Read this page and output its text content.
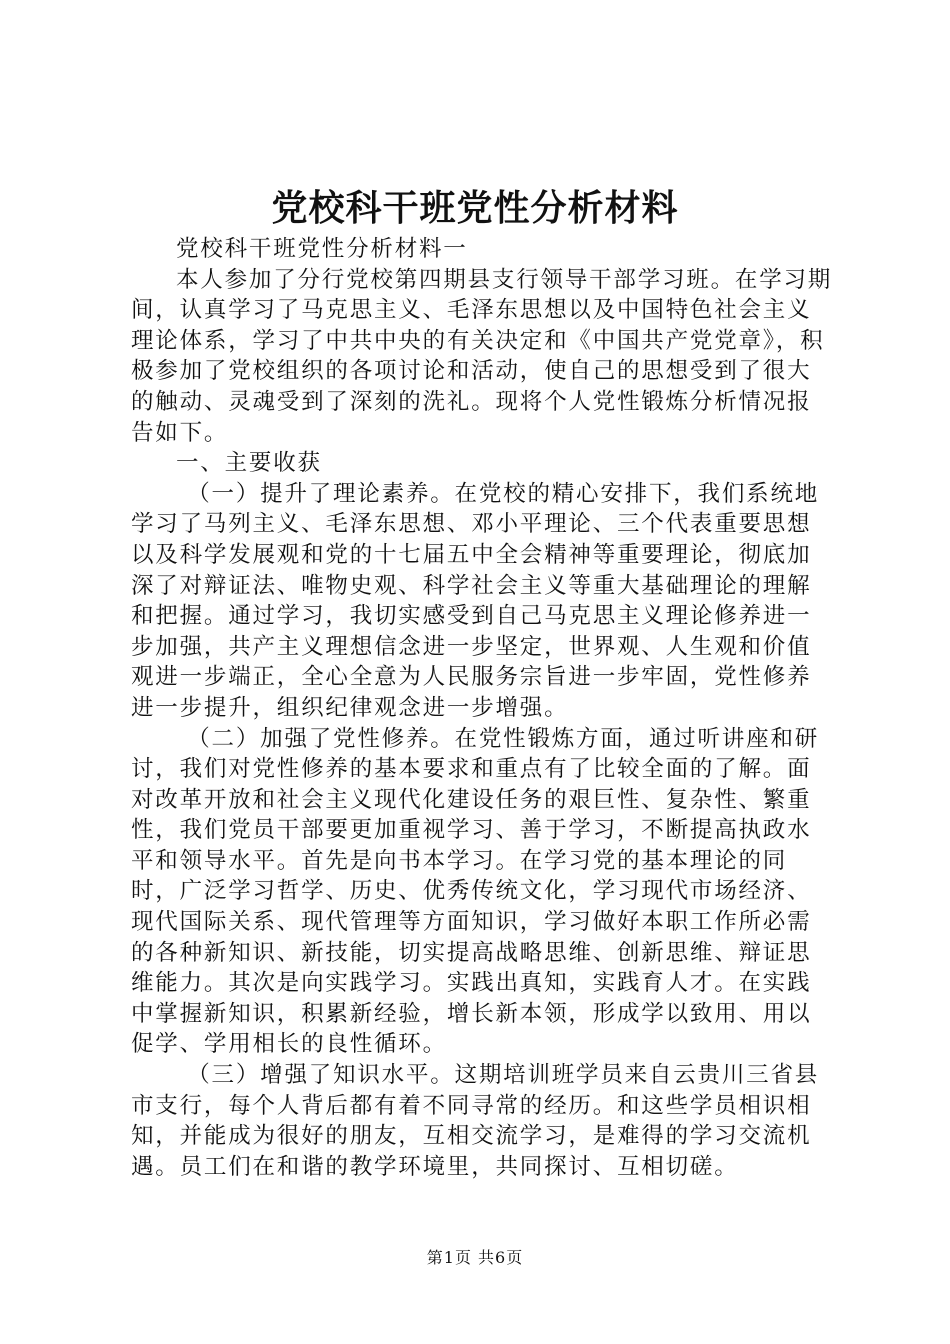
党校科干班党性分析材料

党校科干班党性分析材料一

本人参加了分行党校第四期县支行领导干部学习班。在学习期间，认真学习了马克思主义、毛泽东思想以及中国特色社会主义理论体系，学习了中共中央的有关决定和《中国共产党党章》，积极参加了党校组织的各项讨论和活动，使自己的思想受到了很大的触动、灵魂受到了深刻的洗礼。现将个人党性锻炼分析情况报告如下。

一、主要收获

（一）提升了理论素养。在党校的精心安排下，我们系统地学习了马列主义、毛泽东思想、邓小平理论、三个代表重要思想以及科学发展观和党的十七届五中全会精神等重要理论，彻底加深了对辩证法、唯物史观、科学社会主义等重大基础理论的理解和把握。通过学习，我切实感受到自己马克思主义理论修养进一步加强，共产主义理想信念进一步坚定，世界观、人生观和价值观进一步端正，全心全意为人民服务宗旨进一步牢固，党性修养进一步提升，组织纪律观念进一步增强。

（二）加强了党性修养。在党性锻炼方面，通过听讲座和研讨，我们对党性修养的基本要求和重点有了比较全面的了解。面对改革开放和社会主义现代化建设任务的艰巨性、复杂性、繁重性，我们党员干部要更加重视学习、善于学习，不断提高执政水平和领导水平。首先是向书本学习。在学习党的基本理论的同时，广泛学习哲学、历史、优秀传统文化，学习现代市场经济、现代国际关系、现代管理等方面知识，学习做好本职工作所必需的各种新知识、新技能，切实提高战略思维、创新思维、辩证思维能力。其次是向实践学习。实践出真知，实践育人才。在实践中掌握新知识，积累新经验，增长新本领，形成学以致用、用以促学、学用相长的良性循环。

（三）增强了知识水平。这期培训班学员来自云贵川三省县市支行，每个人背后都有着不同寻常的经历。和这些学员相识相知，并能成为很好的朋友，互相交流学习，是难得的学习交流机遇。员工们在和谐的教学环境里，共同探讨、互相切磋。

第1页 共6页
